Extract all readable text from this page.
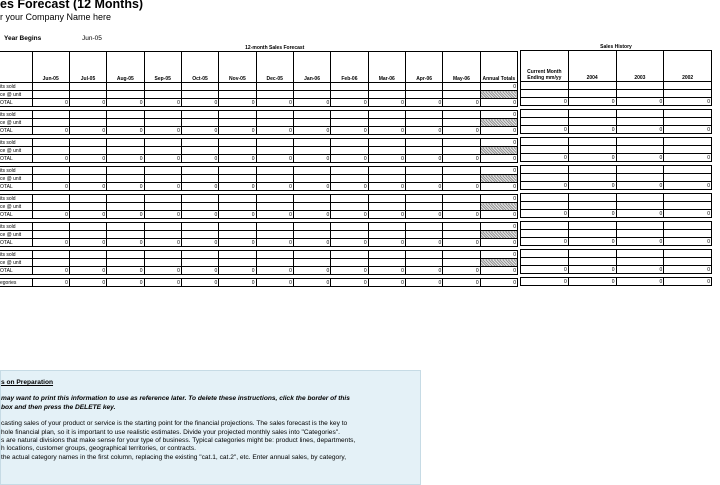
es Forecast (12 Months)
r your Company Name here
Year Begins	Jun-05
	12-month Sales Forecast												
	Jun-05	Jul-05	Aug-05	Sep-05	Oct-05	Nov-05	Dec-05	Jan-06	Feb-06	Mar-06	Apr-06	May-06	Annual Totals
its sold													0
ce @ unit													
OTAL	0	0	0	0	0	0	0	0	0	0	0	0	0

its sold													0
ce @ unit													
OTAL	0	0	0	0	0	0	0	0	0	0	0	0	0

its sold													0
ce @ unit													
OTAL	0	0	0	0	0	0	0	0	0	0	0	0	0

its sold													0
ce @ unit													
OTAL	0	0	0	0	0	0	0	0	0	0	0	0	0

its sold													0
ce @ unit													
OTAL	0	0	0	0	0	0	0	0	0	0	0	0	0

its sold													0
ce @ unit													
OTAL	0	0	0	0	0	0	0	0	0	0	0	0	0

its sold													0
ce @ unit													
OTAL	0	0	0	0	0	0	0	0	0	0	0	0	0

egories	0	0	0	0	0	0	0	0	0	0	0	0	0
Sales History			
Current Month Ending mm/yy	2004	2003	2002

0	0	0	0

0	0	0	0

0	0	0	0

0	0	0	0

0	0	0	0

0	0	0	0

0	0	0	0

0	0	0	0
s on Preparation
may want to print this information to use as reference later. To delete these instructions, click the border of this
box and then press the DELETE key.
casting sales of your product or service is the starting point for the financial projections. The sales forecast is the key to
hole financial plan, so it is important to use realistic estimates. Divide your projected monthly sales into "Categories".
s are natural divisions that make sense for your type of business. Typical categories might be: product lines, departments,
h locations, customer groups, geographical territories, or contracts.
the actual category names in the first column, replacing the existing "cat.1, cat.2", etc. Enter annual sales, by category,
